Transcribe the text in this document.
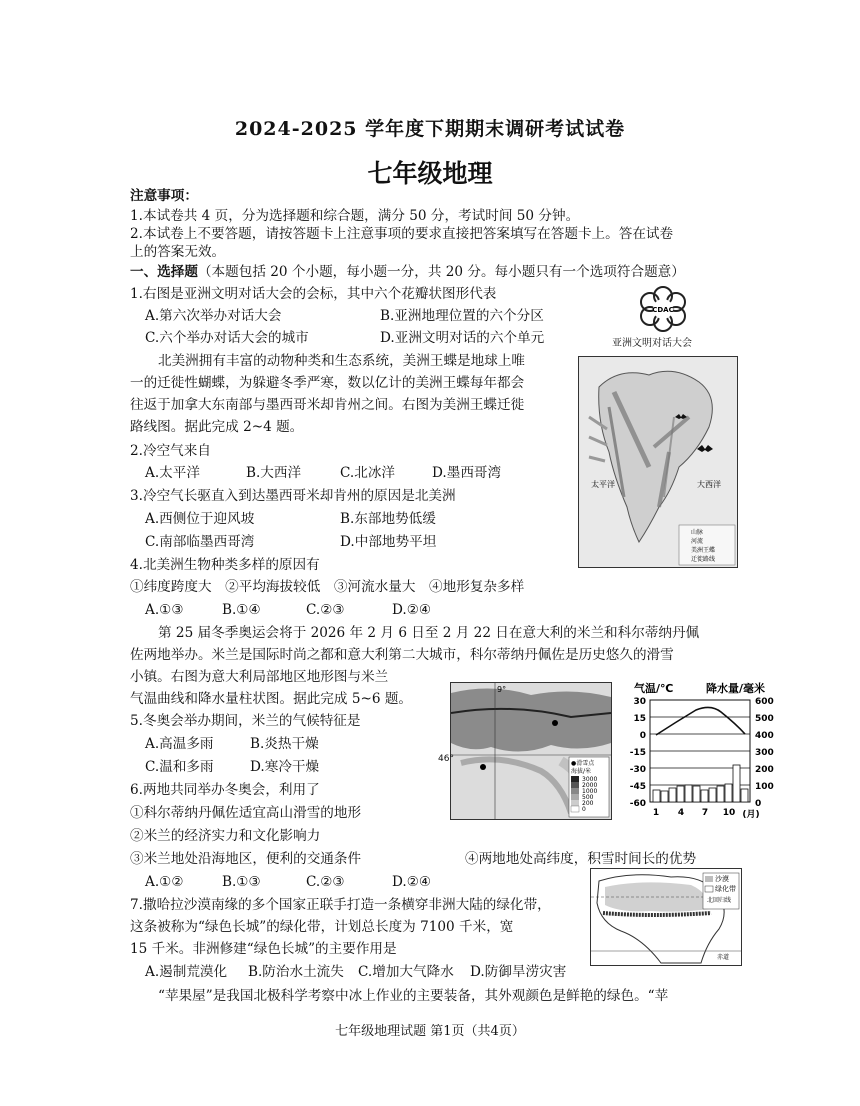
2024-2025 学年度下期期末调研考试试卷
七年级地理
注意事项：
1.本试卷共 4 页，分为选择题和综合题，满分 50 分，考试时间 50 分钟。
2.本试卷上不要答题，请按答题卡上注意事项的要求直接把答案填写在答题卡上。答在试卷
上的答案无效。
一、选择题（本题包括 20 个小题，每小题一分，共 20 分。每小题只有一个选项符合题意）
1.右图是亚洲文明对话大会的会标，其中六个花瓣状图形代表
A.第六次举办对话大会	B.亚洲地理位置的六个分区
C.六个举办对话大会的城市	D.亚洲文明对话的六个单元
CDAC
亚洲文明对话大会
北美洲拥有丰富的动物种类和生态系统，美洲王蝶是地球上唯
一的迁徙性蝴蝶，为躲避冬季严寒，数以亿计的美洲王蝶每年都会
往返于加拿大东南部与墨西哥米却肯州之间。右图为美洲王蝶迁徙
路线图。据此完成 2~4 题。
太平洋	大西洋
山脉
河流
美洲王蝶
迁徙路线
2.冷空气来自
A.太平洋	B.大西洋	C.北冰洋	D.墨西哥湾
3.冷空气长驱直入到达墨西哥米却肯州的原因是北美洲
A.西侧位于迎风坡	B.东部地势低缓
C.南部临墨西哥湾	D.中部地势平坦
4.北美洲生物种类多样的原因有
①纬度跨度大　②平均海拔较低　③河流水量大　④地形复杂多样
A.①③	B.①④	C.②③	D.②④
第 25 届冬季奥运会将于 2026 年 2 月 6 日至 2 月 22 日在意大利的米兰和科尔蒂纳丹佩
佐两地举办。米兰是国际时尚之都和意大利第二大城市，科尔蒂纳丹佩佐是历史悠久的滑雪
小镇。右图为意大利局部地区地形图与米兰
气温曲线和降水量柱状图。据此完成 5~6 题。
9°
●滑雪点
海拔/米
3000
2000
1000
500
200
0
46°
气温/℃	降水量/毫米
30
15
0
-15
-30
-45
-60
600
500
400
300
200
100
0
1 4 7 10 (月)
5.冬奥会举办期间，米兰的气候特征是
A.高温多雨	B.炎热干燥
C.温和多雨	D.寒冷干燥
6.两地共同举办冬奥会，利用了
①科尔蒂纳丹佩佐适宜高山滑雪的地形
②米兰的经济实力和文化影响力
③米兰地处沿海地区，便利的交通条件	④两地地处高纬度，积雪时间长的优势
A.①②	B.①③	C.②③	D.②④
7.撒哈拉沙漠南缘的多个国家正联手打造一条横穿非洲大陆的绿化带，
这条被称为“绿色长城”的绿化带，计划总长度为 7100 千米，宽
15 千米。非洲修建“绿色长城”的主要作用是
A.遏制荒漠化 B.防治水土流失 C.增加大气降水 D.防御旱涝灾害
沙漠
绿化带
北回归线
赤道
“苹果屋”是我国北极科学考察中冰上作业的主要装备，其外观颜色是鲜艳的绿色。“苹
七年级地理试题 第1页（共4页）
